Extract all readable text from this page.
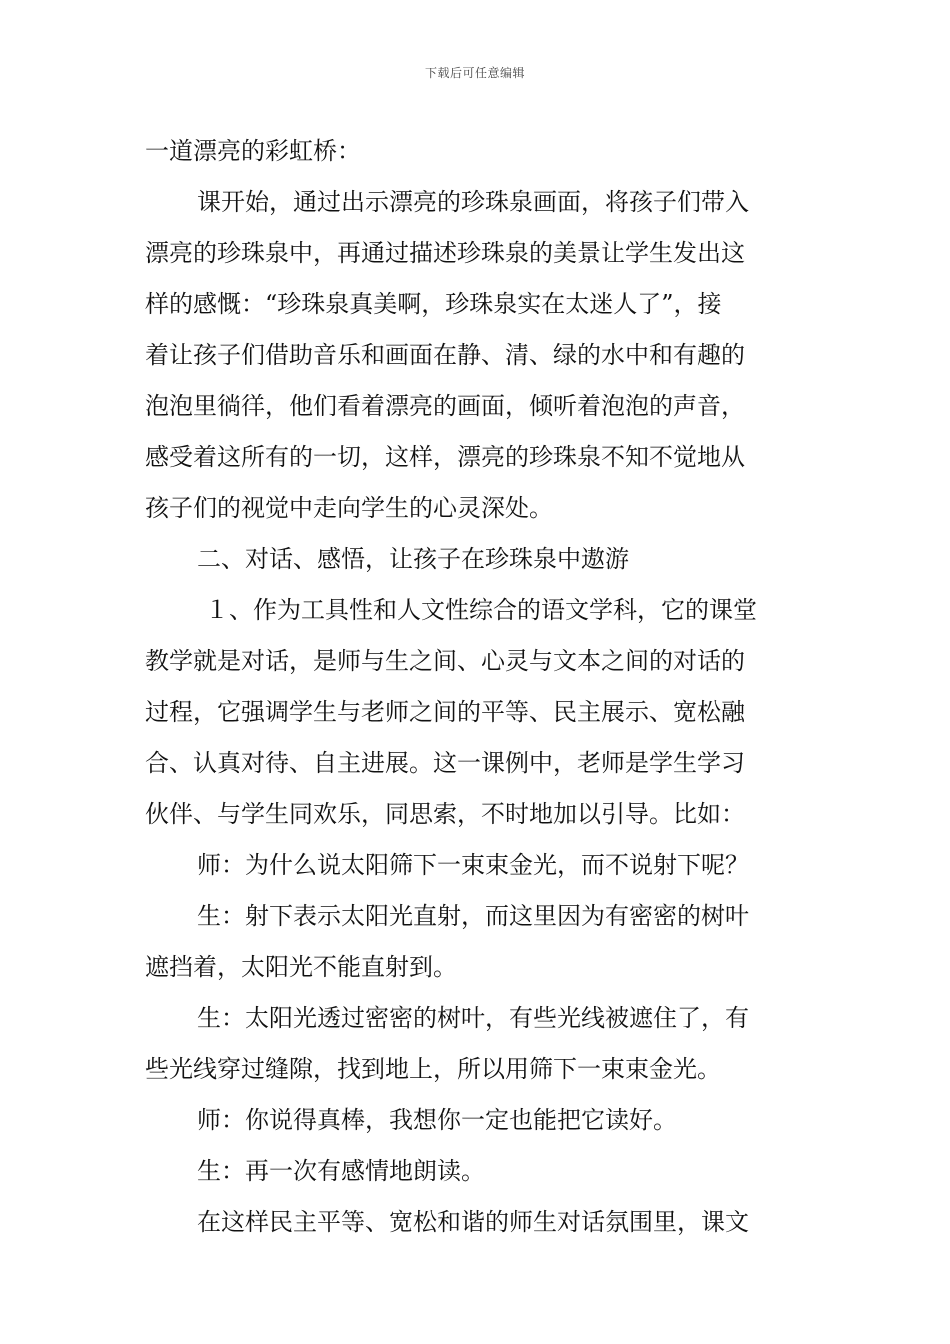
下载后可任意编辑
一道漂亮的彩虹桥：
课开始，通过出示漂亮的珍珠泉画面，将孩子们带入
漂亮的珍珠泉中，再通过描述珍珠泉的美景让学生发出这
样的感慨：“珍珠泉真美啊，珍珠泉实在太迷人了”，接
着让孩子们借助音乐和画面在静、清、绿的水中和有趣的
泡泡里徜徉，他们看着漂亮的画面，倾听着泡泡的声音，
感受着这所有的一切，这样，漂亮的珍珠泉不知不觉地从
孩子们的视觉中走向学生的心灵深处。
二、对话、感悟，让孩子在珍珠泉中遨游
１、作为工具性和人文性综合的语文学科，它的课堂
教学就是对话，是师与生之间、心灵与文本之间的对话的
过程，它强调学生与老师之间的平等、民主展示、宽松融
合、认真对待、自主进展。这一课例中，老师是学生学习
伙伴、与学生同欢乐，同思索，不时地加以引导。比如：
师：为什么说太阳筛下一束束金光，而不说射下呢？
生：射下表示太阳光直射，而这里因为有密密的树叶
遮挡着，太阳光不能直射到。
生：太阳光透过密密的树叶，有些光线被遮住了，有
些光线穿过缝隙，找到地上，所以用筛下一束束金光。
师：你说得真棒，我想你一定也能把它读好。
生：再一次有感情地朗读。
在这样民主平等、宽松和谐的师生对话氛围里，课文
